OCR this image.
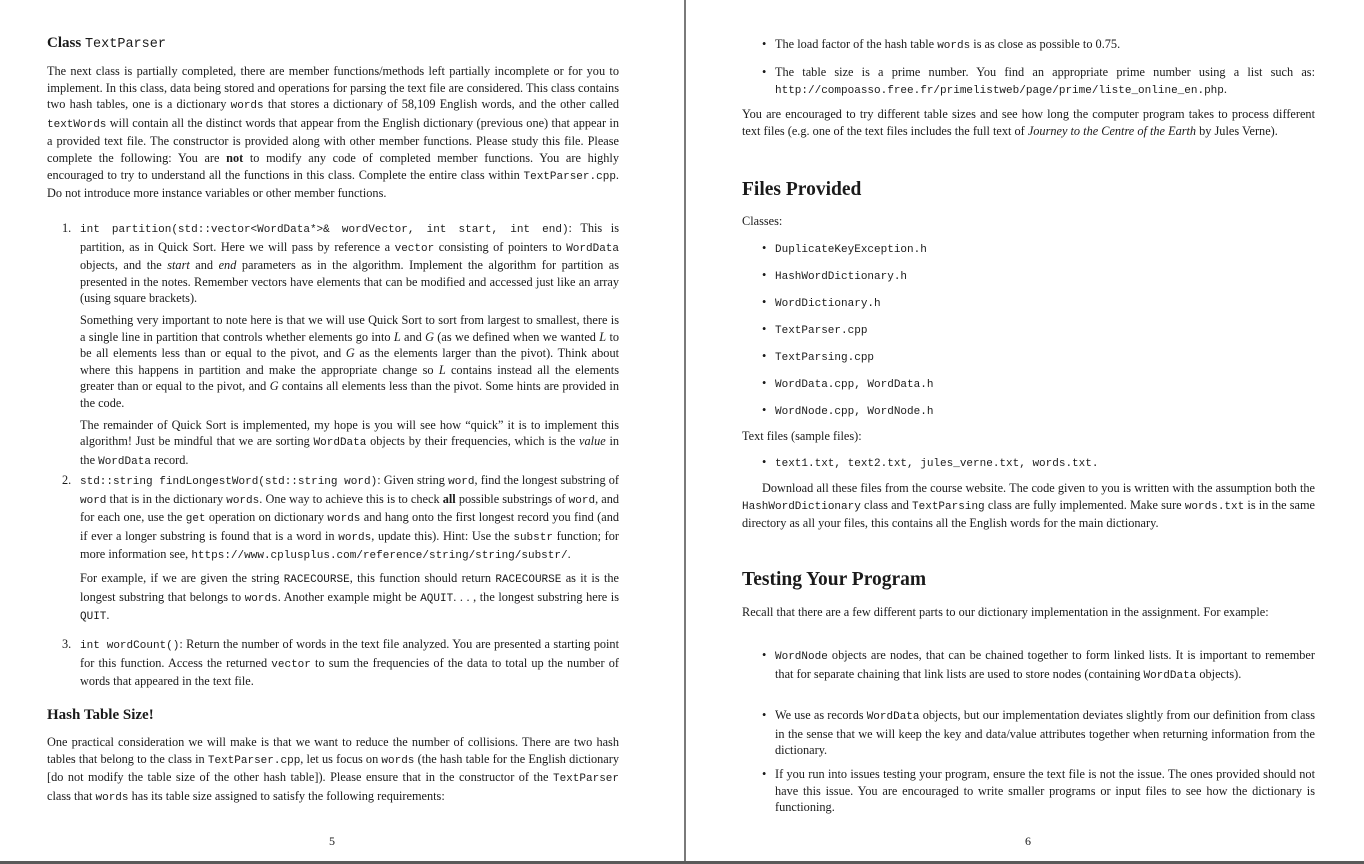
Class TextParser

The next class is partially completed, there are member functions/methods left partially incomplete or for you to implement. In this class, data being stored and operations for parsing the text file are considered. This class contains two hash tables, one is a dictionary words that stores a dictionary of 58,109 English words, and the other called textWords will contain all the distinct words that appear from the English dictionary (previous one) that appear in a provided text file. The constructor is provided along with other member functions. Please study this file. Please complete the following: You are not to modify any code of completed member functions. You are highly encouraged to try to understand all the functions in this class. Complete the entire class within TextParser.cpp. Do not introduce more instance variables or other member functions.

1. int partition(std::vector<WordData*>& wordVector, int start, int end): This is partition, as in Quick Sort. Here we will pass by reference a vector consisting of pointers to WordData objects, and the start and end parameters as in the algorithm. Implement the algorithm for partition as presented in the notes. Remember vectors have elements that can be modified and accessed just like an array (using square brackets).

Something very important to note here is that we will use Quick Sort to sort from largest to smallest, there is a single line in partition that controls whether elements go into L and G (as we defined when we wanted L to be all elements less than or equal to the pivot, and G as the elements larger than the pivot). Think about where this happens in partition and make the appropriate change so L contains instead all the elements greater than or equal to the pivot, and G contains all elements less than the pivot. Some hints are provided in the code.

The remainder of Quick Sort is implemented, my hope is you will see how “quick” it is to implement this algorithm! Just be mindful that we are sorting WordData objects by their frequencies, which is the value in the WordData record.

2. std::string findLongestWord(std::string word): Given string word, find the longest substring of word that is in the dictionary words. One way to achieve this is to check all possible substrings of word, and for each one, use the get operation on dictionary words and hang onto the first longest record you find (and if ever a longer substring is found that is a word in words, update this). Hint: Use the substr function; for more information see, https://www.cplusplus.com/reference/string/string/substr/.

For example, if we are given the string RACECOURSE, this function should return RACECOURSE as it is the longest substring that belongs to words. Another example might be AQUIT. . . , the longest substring here is QUIT.

3. int wordCount(): Return the number of words in the text file analyzed. You are presented a starting point for this function. Access the returned vector to sum the frequencies of the data to total up the number of words that appeared in the text file.

Hash Table Size!

One practical consideration we will make is that we want to reduce the number of collisions. There are two hash tables that belong to the class in TextParser.cpp, let us focus on words (the hash table for the English dictionary [do not modify the table size of the other hash table]). Please ensure that in the constructor of the TextParser class that words has its table size assigned to satisfy the following requirements:

5
• The load factor of the hash table words is as close as possible to 0.75.

• The table size is a prime number. You find an appropriate prime number using a list such as: http://compoasso.free.fr/primelistweb/page/prime/liste_online_en.php.

You are encouraged to try different table sizes and see how long the computer program takes to process different text files (e.g. one of the text files includes the full text of Journey to the Centre of the Earth by Jules Verne).

Files Provided

Classes:

• DuplicateKeyException.h

• HashWordDictionary.h

• WordDictionary.h

• TextParser.cpp

• TextParsing.cpp

• WordData.cpp, WordData.h

• WordNode.cpp, WordNode.h

Text files (sample files):

• text1.txt, text2.txt, jules_verne.txt, words.txt.

Download all these files from the course website. The code given to you is written with the assumption both the HashWordDictionary class and TextParsing class are fully implemented. Make sure words.txt is in the same directory as all your files, this contains all the English words for the main dictionary.

Testing Your Program

Recall that there are a few different parts to our dictionary implementation in the assignment. For example:

• WordNode objects are nodes, that can be chained together to form linked lists. It is important to remember that for separate chaining that link lists are used to store nodes (containing WordData objects).

• We use as records WordData objects, but our implementation deviates slightly from our definition from class in the sense that we will keep the key and data/value attributes together when returning information from the dictionary.

• If you run into issues testing your program, ensure the text file is not the issue. The ones provided should not have this issue. You are encouraged to write smaller programs or input files to see how the dictionary is functioning.

6
